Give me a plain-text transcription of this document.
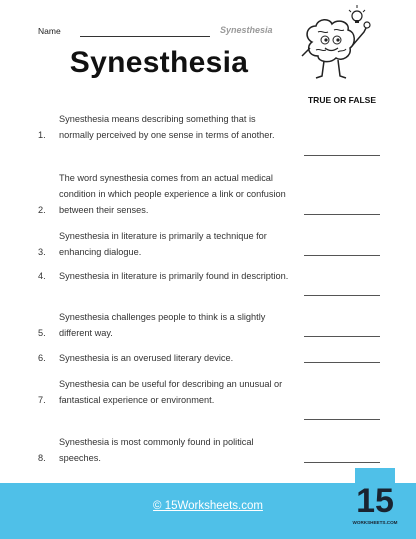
Name	Synesthesia
Synesthesia
TRUE OR FALSE
1.
Synesthesia means describing something that is normally perceived by one sense in terms of another.
2.
The word synesthesia comes from an actual medical condition in which people experience a link or confusion between their senses.
3.
Synesthesia in literature is primarily a technique for enhancing dialogue.
4.	Synesthesia in literature is primarily found in description.
5.
Synesthesia challenges people to think is a slightly different way.
6.	Synesthesia is an overused literary device.
7.
Synesthesia can be useful for describing an unusual or fantastical experience or environment.
8.
Synesthesia is most commonly found in political speeches.
© 15Worksheets.com	15
WORKSHEETS.COM
